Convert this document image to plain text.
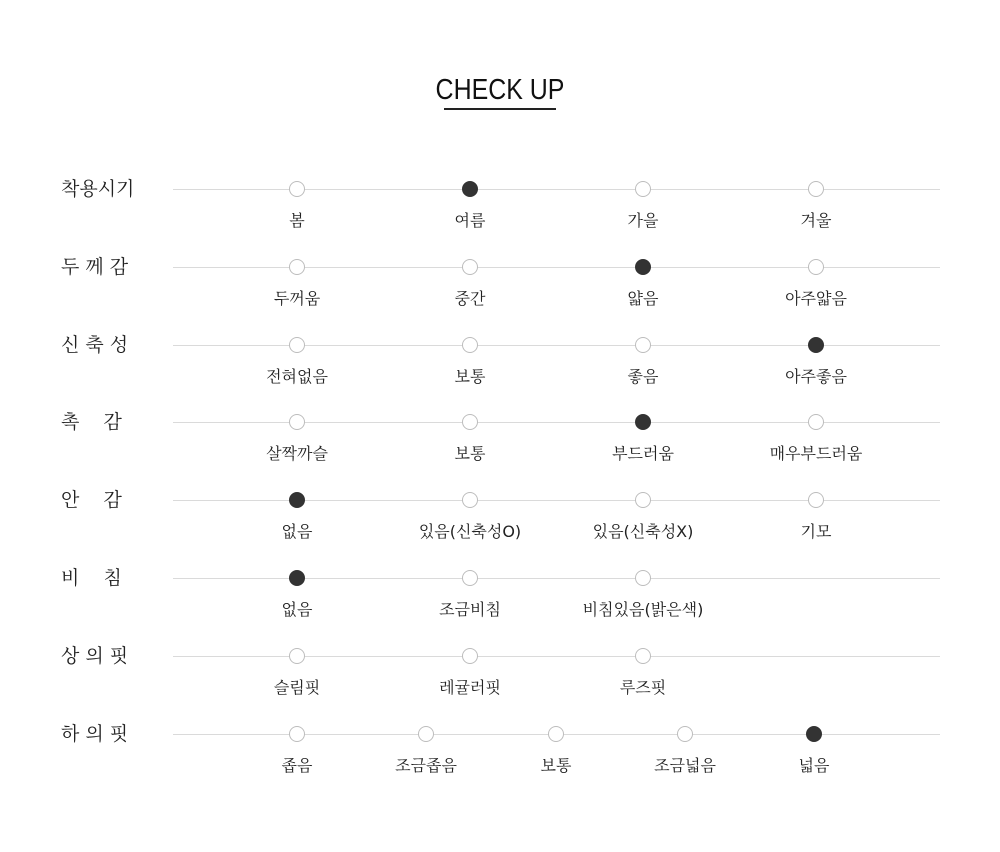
CHECK UP
착용시기
봄	여름	가을	겨울
두 께 감
두꺼움	중간	얇음	아주얇음
신 축 성
전혀없음	보통	좋음	아주좋음
촉    감
살짝까슬	보통	부드러움	매우부드러움
안    감
없음	있음(신축성O)	있음(신축성X)	기모
비    침
없음	조금비침	비침있음(밝은색)
상 의 핏
슬림핏	레귤러핏	루즈핏
하 의 핏
좁음	조금좁음	보통	조금넓음	넓음
